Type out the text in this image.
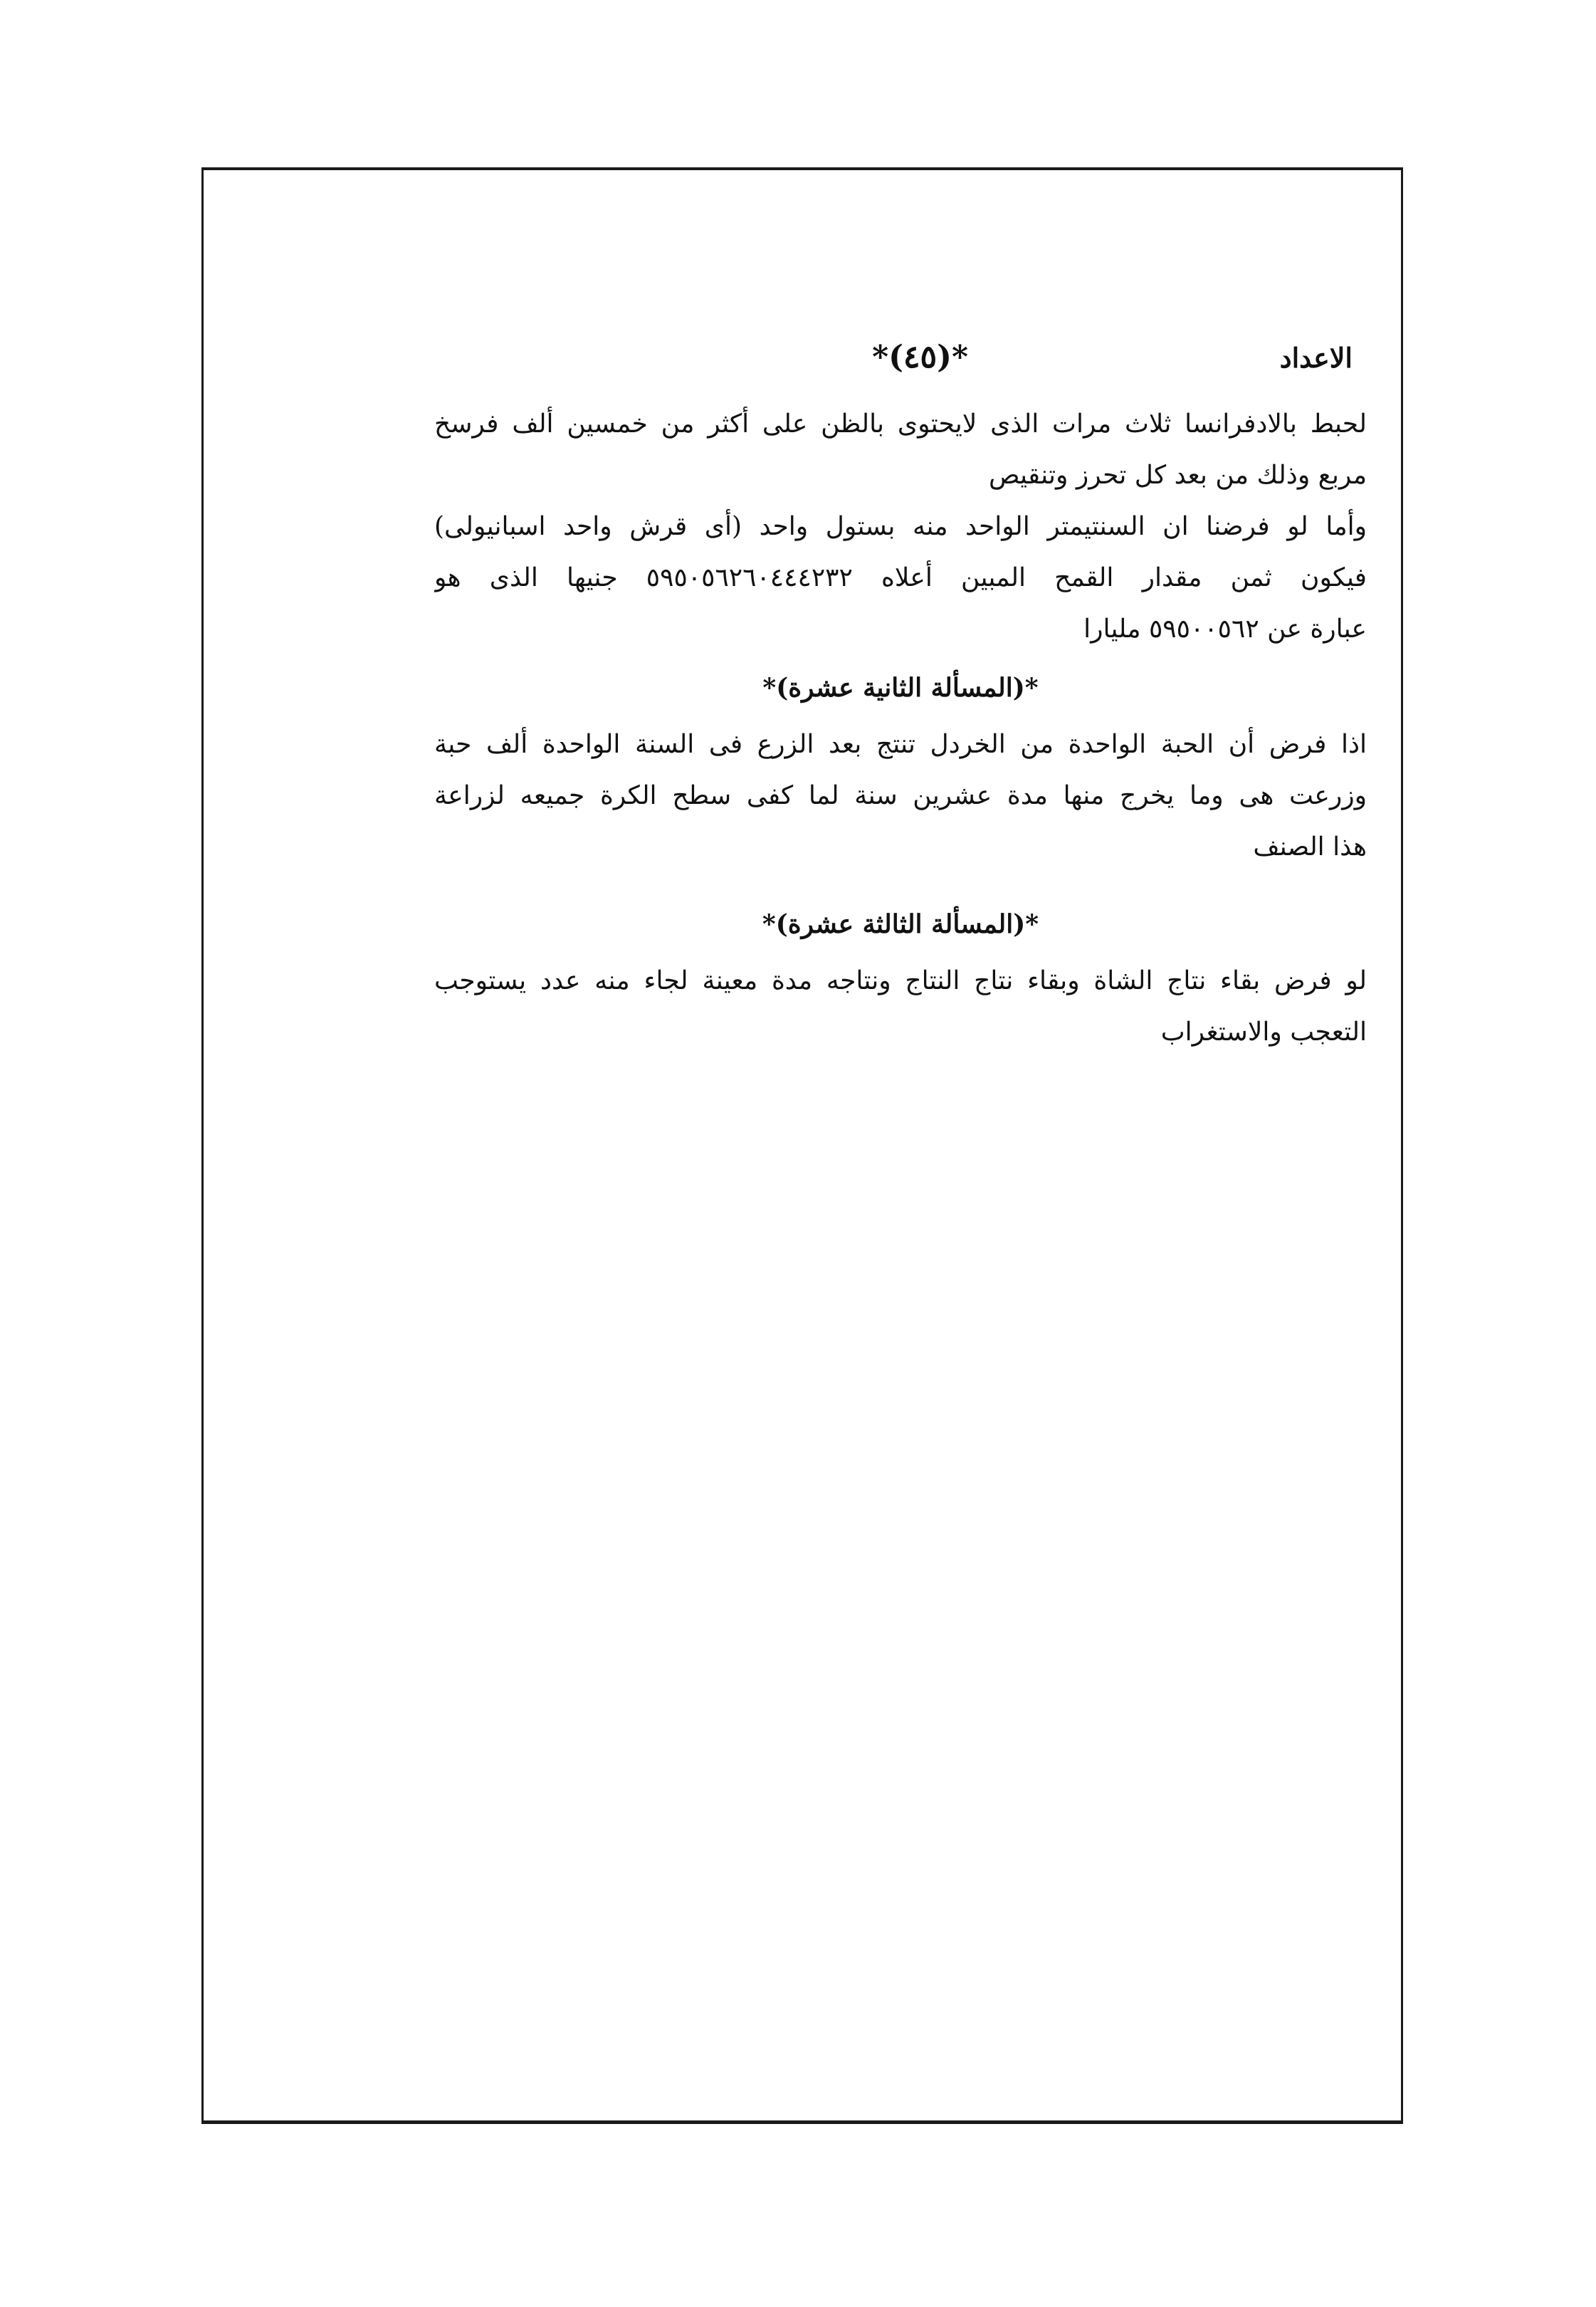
الاعداد
*(٤٥)*
لحبط بالادفرانسا ثلاث مرات الذى لايحتوى بالظن على أكثر من خمسين ألف فرسخ
مربع وذلك من بعد كل تحرز وتنقيص
وأما لو فرضنا ان السنتيمتر الواحد منه بستول واحد (أى قرش واحد اسبانيولى)
فيكون ثمن مقدار القمح المبين أعلاه ٥٩٥٠٥٦٢٦٠٤٤٤٢٣٢ جنيها الذى هو
عبارة عن ٥٩٥٠٠٥٦٢ مليارا
*(المسألة الثانية عشرة)*
اذا فرض أن الحبة الواحدة من الخردل تنتج بعد الزرع فى السنة الواحدة ألف حبة
وزرعت هى وما يخرج منها مدة عشرين سنة لما كفى سطح الكرة جميعه لزراعة
هذا الصنف
*(المسألة الثالثة عشرة)*
لو فرض بقاء نتاج الشاة وبقاء نتاج النتاج ونتاجه مدة معينة لجاء منه عدد يستوجب
التعجب والاستغراب
